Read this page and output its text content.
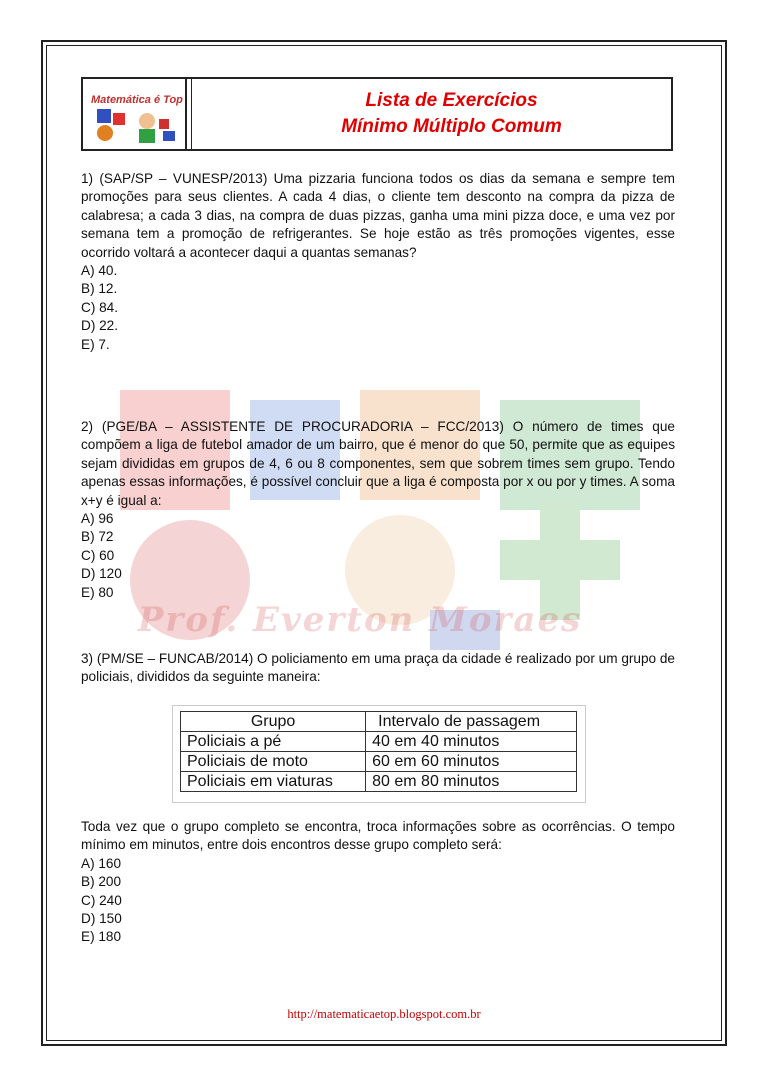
Prof. Everton Moraes
Matemática é Top!	Lista de Exercícios
Mínimo Múltiplo Comum

1) (SAP/SP – VUNESP/2013) Uma pizzaria funciona todos os dias da semana e sempre tem promoções para seus clientes. A cada 4 dias, o cliente tem desconto na compra da pizza de calabresa; a cada 3 dias, na compra de duas pizzas, ganha uma mini pizza doce, e uma vez por semana tem a promoção de refrigerantes. Se hoje estão as três promoções vigentes, esse ocorrido voltará a acontecer daqui a quantas semanas?

A) 40.

B) 12.

C) 84.

D) 22.

E) 7.

2) (PGE/BA – ASSISTENTE DE PROCURADORIA – FCC/2013) O número de times que compõem a liga de futebol amador de um bairro, que é menor do que 50, permite que as equipes sejam divididas em grupos de 4, 6 ou 8 componentes, sem que sobrem times sem grupo. Tendo apenas essas informações, é possível concluir que a liga é composta por x ou por y times. A soma x+y é igual a:

A) 96

B) 72

C) 60

D) 120

E) 80

3) (PM/SE – FUNCAB/2014) O policiamento em uma praça da cidade é realizado por um grupo de policiais, divididos da seguinte maneira:

Grupo	Intervalo de passagem
Policiais a pé	40 em 40 minutos
Policiais de moto	60 em 60 minutos
Policiais em viaturas	80 em 80 minutos

Toda vez que o grupo completo se encontra, troca informações sobre as ocorrências. O tempo mínimo em minutos, entre dois encontros desse grupo completo será:

A) 160

B) 200

C) 240

D) 150

E) 180

http://matematicaetop.blogspot.com.br
